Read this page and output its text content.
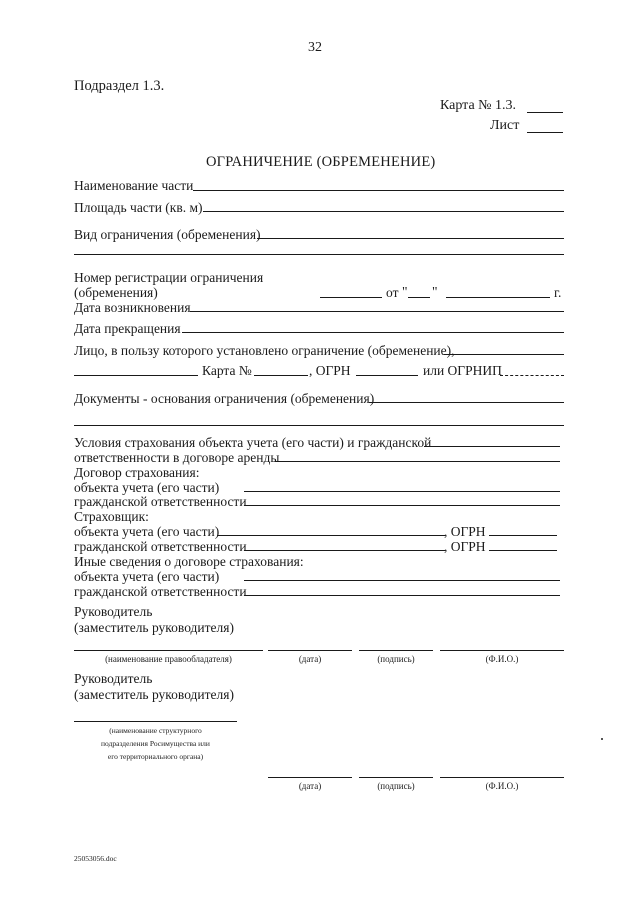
32
Подраздел 1.3.
Карта № 1.3.
Лист
ОГРАНИЧЕНИЕ (ОБРЕМЕНЕНИЕ)
Наименование части
Площадь части (кв. м)
Вид ограничения (обременения)
Номер регистрации ограничения
(обременения)	от " "	г.
Дата возникновения
Дата прекращения
Лицо, в пользу которого установлено ограничение (обременение),
Карта №	, ОГРН	или ОГРНИП
Документы - основания ограничения (обременения)
Условия страхования объекта учета (его части) и гражданской
ответственности в договоре аренды
Договор страхования:
объекта учета (его части)
гражданской ответственности
Страховщик:
объекта учета (его части)	, ОГРН
гражданской ответственности	, ОГРН
Иные сведения о договоре страхования:
объекта учета (его части)
гражданской ответственности
Руководитель
(заместитель руководителя)
(наименование правообладателя)	(дата)	(подпись)	(Ф.И.О.)
Руководитель
(заместитель руководителя)
(наименование структурного
подразделения Росимущества или
его территориального органа)
(дата)	(подпись)	(Ф.И.О.)
25053056.doc
